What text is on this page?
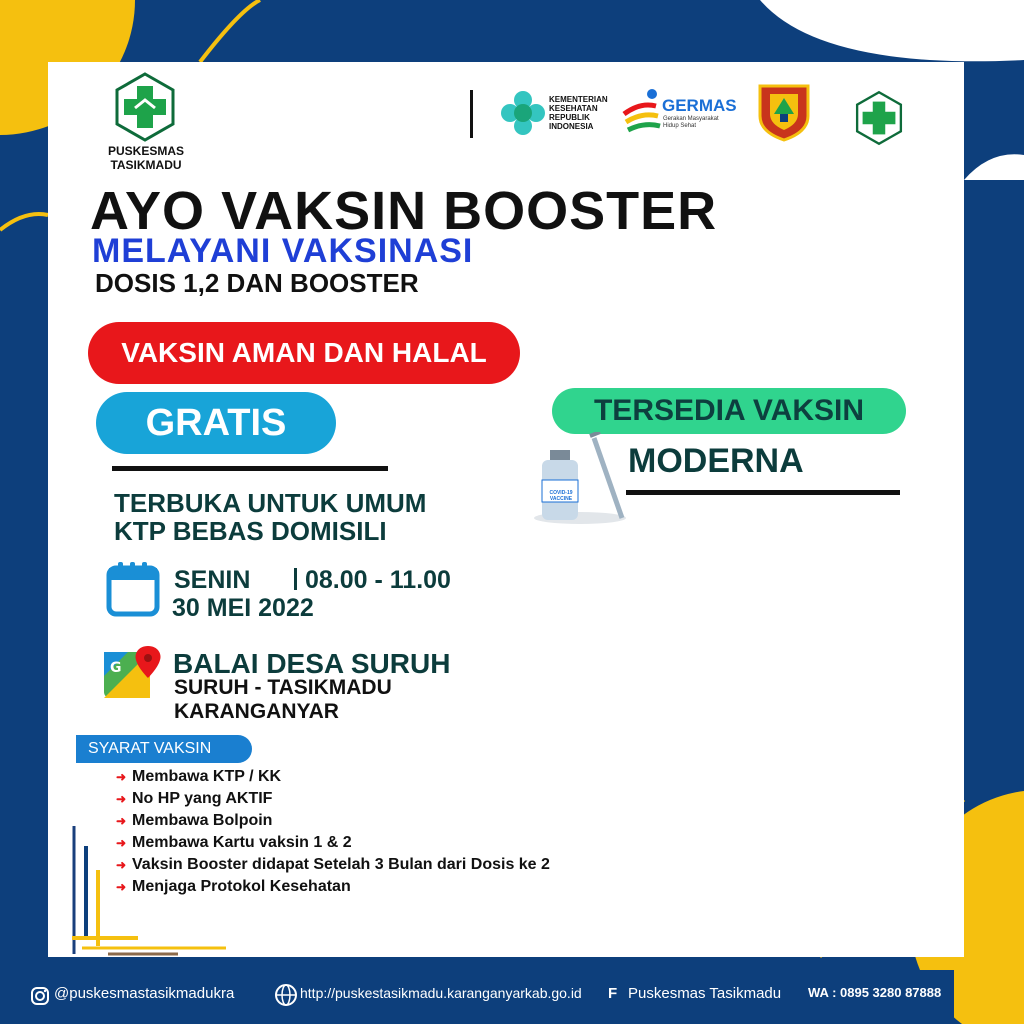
PUSKESMAS
TASIKMADU
KEMENTERIAN
KESEHATAN
REPUBLIK
INDONESIA
GERMAS
Gerakan Masyarakat
Hidup Sehat
AYO VAKSIN BOOSTER
MELAYANI VAKSINASI
DOSIS 1,2 DAN BOOSTER
VAKSIN AMAN DAN HALAL
GRATIS	TERSEDIA VAKSIN
MODERNA
COVID-19 VACCINE
TERBUKA UNTUK UMUM
KTP BEBAS DOMISILI
SENIN 08.00 - 11.00
30 MEI 2022
G BALAI DESA SURUH
SURUH - TASIKMADU
KARANGANYAR
SYARAT VAKSIN
➜ Membawa KTP / KK
➜ No HP yang AKTIF
➜ Membawa Bolpoin
➜ Membawa Kartu vaksin 1 & 2
➜ Vaksin Booster didapat Setelah 3 Bulan dari Dosis ke 2
➜ Menjaga Protokol Kesehatan
@puskesmastasikmadukra	http://puskestasikmadu.karanganyarkab.go.id F Puskesmas Tasikmadu WA : 0895 3280 87888
